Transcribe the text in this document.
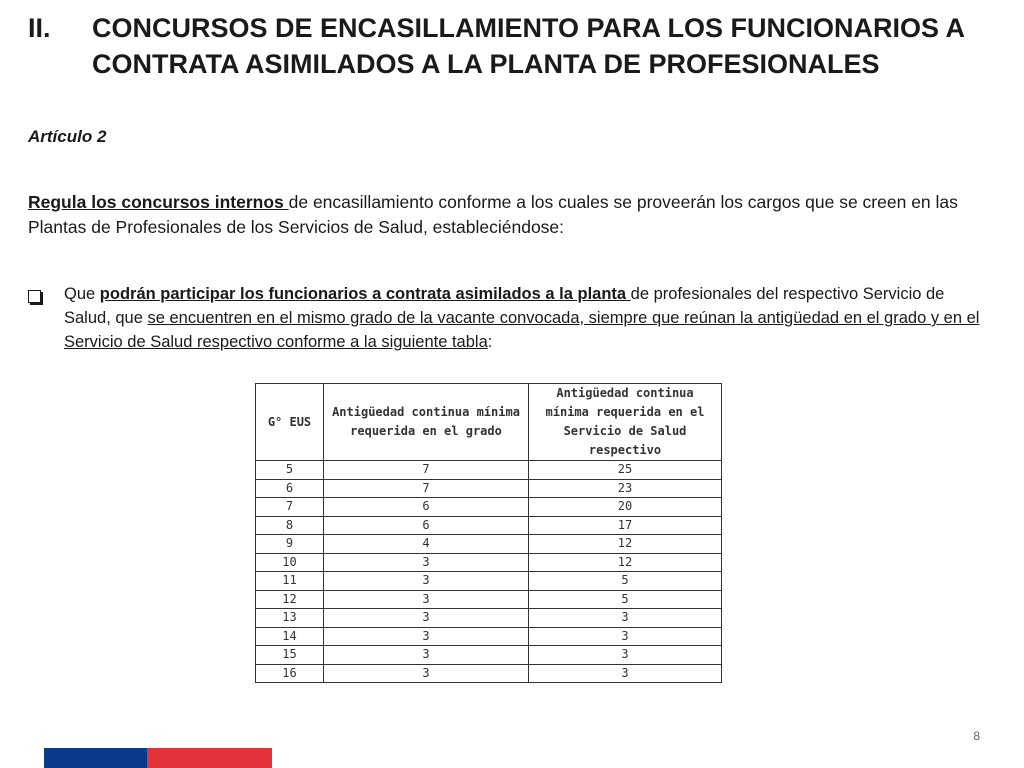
II.	CONCURSOS DE ENCASILLAMIENTO PARA LOS FUNCIONARIOS A CONTRATA ASIMILADOS A LA PLANTA DE PROFESIONALES
Artículo 2
Regula los concursos internos de encasillamiento conforme a los cuales se proveerán los cargos que se creen en las Plantas de Profesionales de los Servicios de Salud, estableciéndose:
Que podrán participar los funcionarios a contrata asimilados a la planta de profesionales del respectivo Servicio de Salud, que se encuentren en el mismo grado de la vacante convocada, siempre que reúnan la antigüedad en el grado y en el Servicio de Salud respectivo conforme a la siguiente tabla:
G° EUS	Antigüedad continua mínima requerida en el grado	Antigüedad continua mínima requerida en el Servicio de Salud respectivo
5	7	25
6	7	23
7	6	20
8	6	17
9	4	12
10	3	12
11	3	5
12	3	5
13	3	3
14	3	3
15	3	3
16	3	3
8
